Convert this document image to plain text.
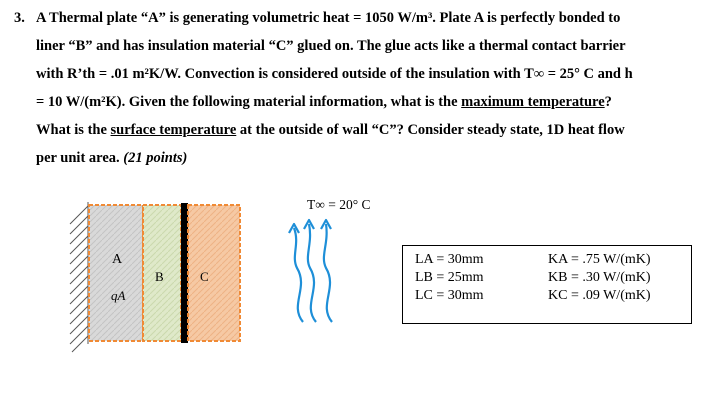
3. A Thermal plate “A” is generating volumetric heat = 1050 W/m³. Plate A is perfectly bonded to
liner “B” and has insulation material “C” glued on. The glue acts like a thermal contact barrier
with R’th = .01 m²K/W. Convection is considered outside of the insulation with T∞ = 25° C and h
= 10 W/(m²K). Given the following material information, what is the maximum temperature?
What is the surface temperature at the outside of wall “C”? Consider steady state, 1D heat flow
per unit area. (21 points)
A
B	C
qA
T∞ = 20° C
LA = 30mm
LB = 25mm
LC = 30mm
KA = .75 W/(mK)
KB = .30 W/(mK)
KC = .09 W/(mK)
